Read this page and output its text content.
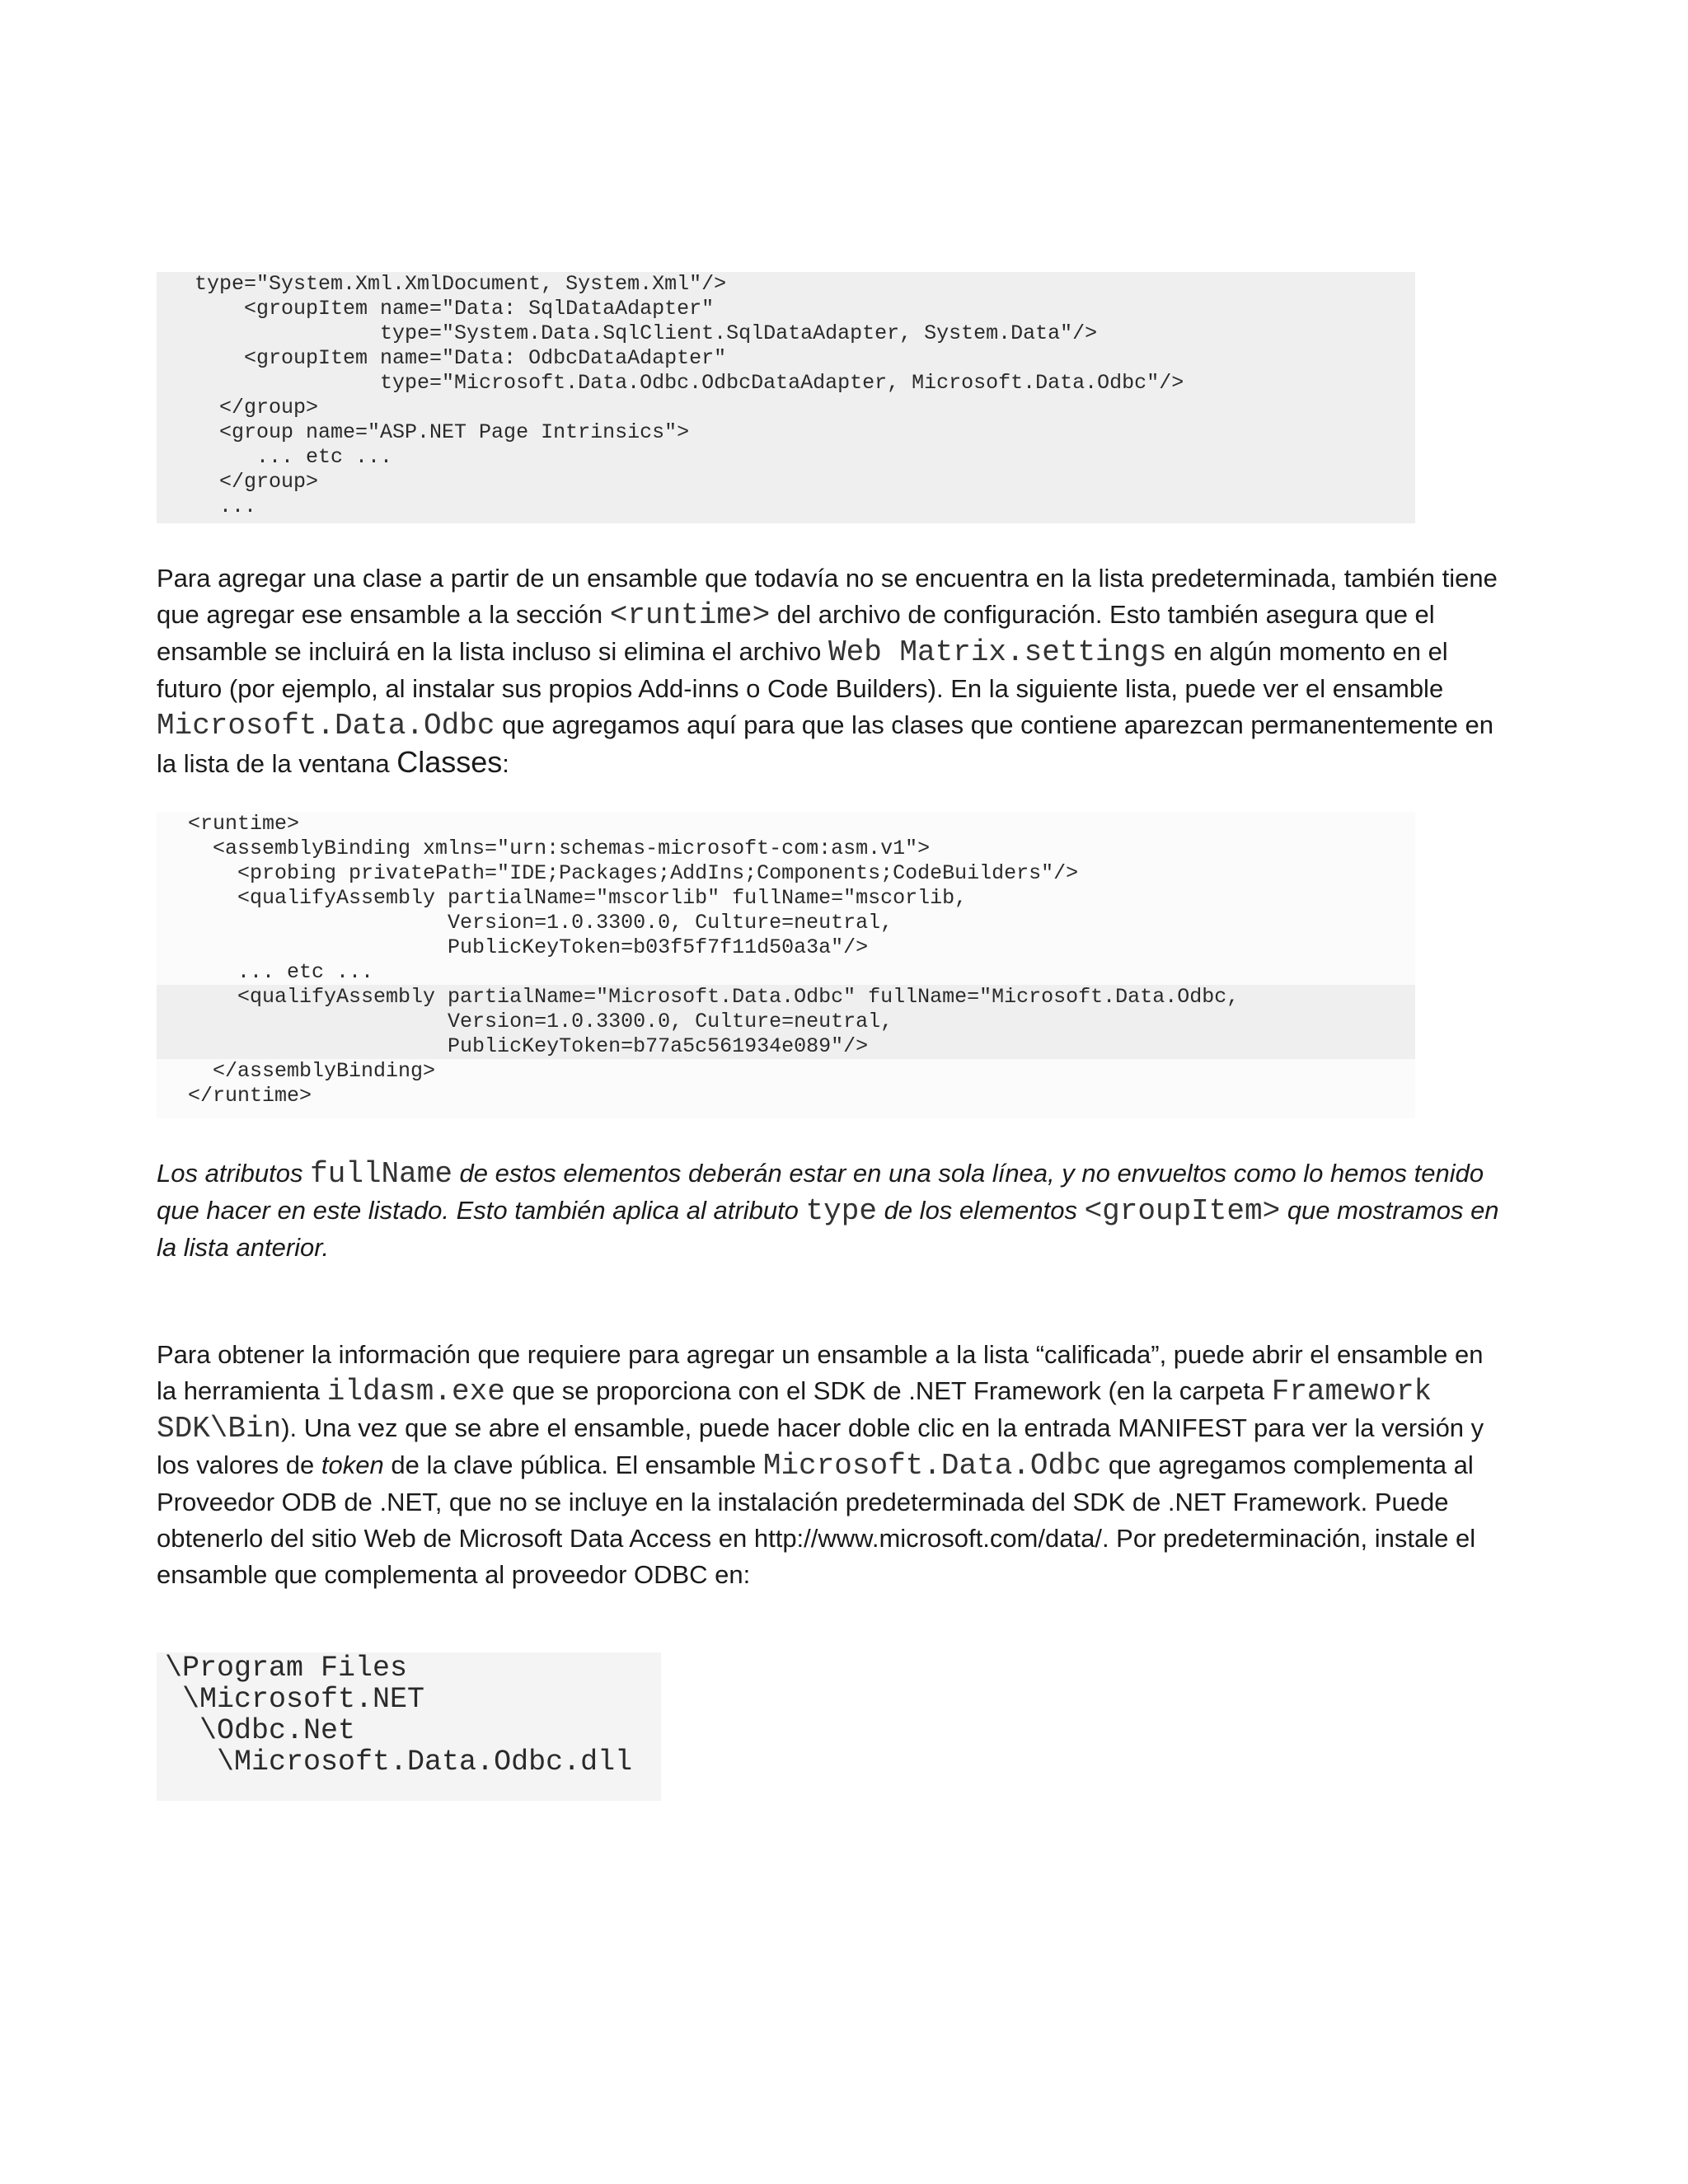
type="System.Xml.XmlDocument, System.Xml"/>
<groupItem name="Data: SqlDataAdapter"
type="System.Data.SqlClient.SqlDataAdapter, System.Data"/>
<groupItem name="Data: OdbcDataAdapter"
type="Microsoft.Data.Odbc.OdbcDataAdapter, Microsoft.Data.Odbc"/>
</group>
<group name="ASP.NET Page Intrinsics">
... etc ...
</group>
...

Para agregar una clase a partir de un ensamble que todavía no se encuentra en la lista predeterminada, también tiene que agregar ese ensamble a la sección <runtime> del archivo de configuración. Esto también asegura que el ensamble se incluirá en la lista incluso si elimina el archivo Web Matrix.settings en algún momento en el futuro (por ejemplo, al instalar sus propios Add-inns o Code Builders). En la siguiente lista, puede ver el ensamble Microsoft.Data.Odbc que agregamos aquí para que las clases que contiene aparezcan permanentemente en la lista de la ventana Classes:

<runtime>
<assemblyBinding xmlns="urn:schemas-microsoft-com:asm.v1">
<probing privatePath="IDE;Packages;AddIns;Components;CodeBuilders"/>
<qualifyAssembly partialName="mscorlib" fullName="mscorlib,
Version=1.0.3300.0, Culture=neutral,
PublicKeyToken=b03f5f7f11d50a3a"/>
... etc ...
<qualifyAssembly partialName="Microsoft.Data.Odbc" fullName="Microsoft.Data.Odbc,
Version=1.0.3300.0, Culture=neutral,
PublicKeyToken=b77a5c561934e089"/>
</assemblyBinding>
</runtime>

Los atributos fullName de estos elementos deberán estar en una sola línea, y no envueltos como lo hemos tenido que hacer en este listado. Esto también aplica al atributo type de los elementos <groupItem> que mostramos en la lista anterior.

Para obtener la información que requiere para agregar un ensamble a la lista “calificada”, puede abrir el ensamble en la herramienta ildasm.exe que se proporciona con el SDK de .NET Framework (en la carpeta Framework SDK\Bin). Una vez que se abre el ensamble, puede hacer doble clic en la entrada MANIFEST para ver la versión y los valores de token de la clave pública. El ensamble Microsoft.Data.Odbc que agregamos complementa al Proveedor ODB de .NET, que no se incluye en la instalación predeterminada del SDK de .NET Framework. Puede obtenerlo del sitio Web de Microsoft Data Access en http://www.microsoft.com/data/. Por predeterminación, instale el ensamble que complementa al proveedor ODBC en:

\Program Files
\Microsoft.NET
\Odbc.Net
\Microsoft.Data.Odbc.dll
